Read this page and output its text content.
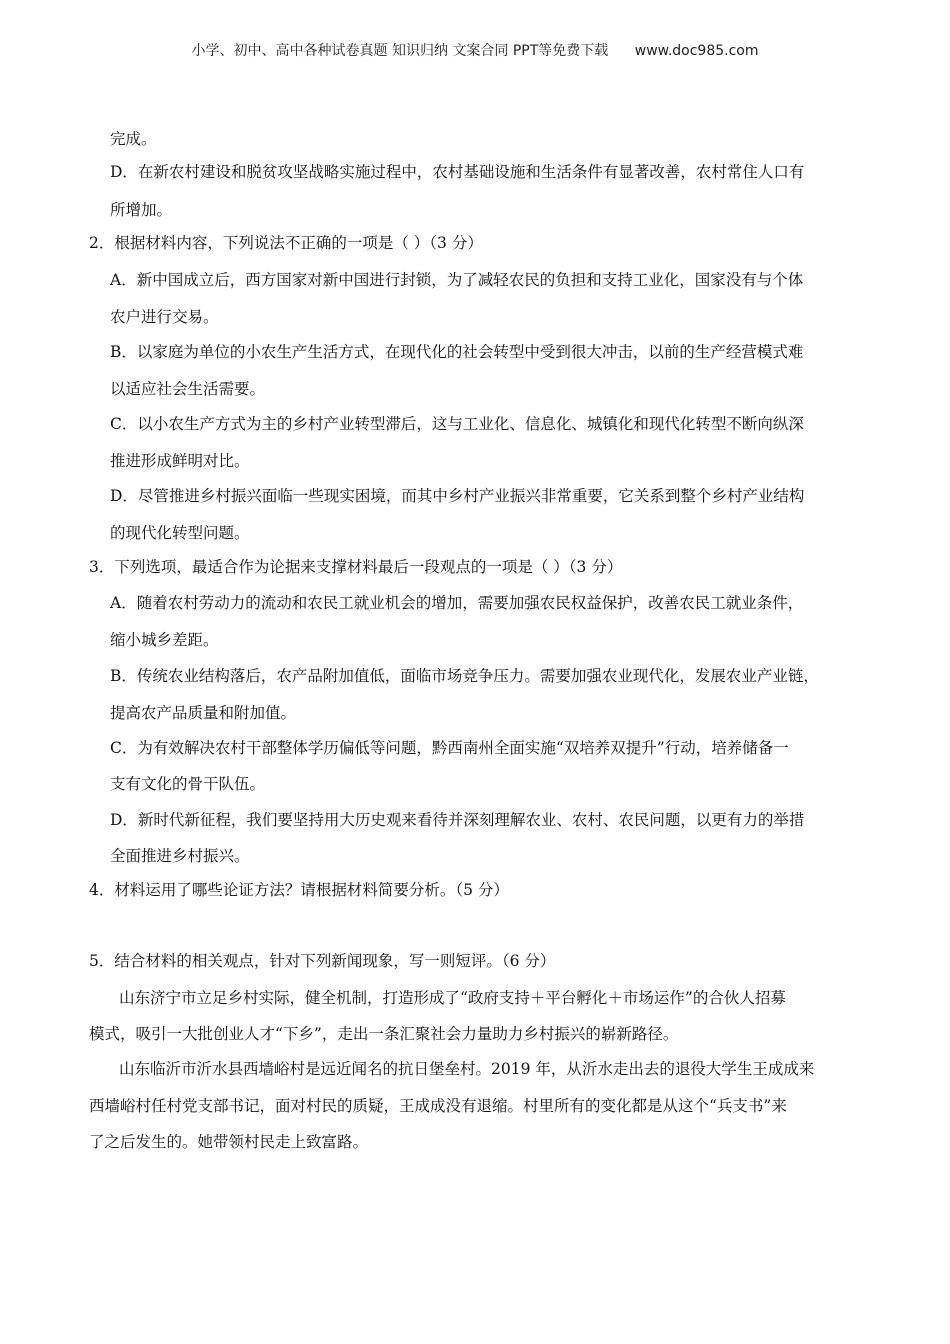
小学、初中、高中各种试卷真题 知识归纳 文案合同 PPT等免费下载 www.doc985.com
完成。
D．在新农村建设和脱贫攻坚战略实施过程中，农村基础设施和生活条件有显著改善，农村常住人口有
所增加。
2．根据材料内容，下列说法不正确的一项是（ ）（3 分）
A．新中国成立后，西方国家对新中国进行封锁，为了减轻农民的负担和支持工业化，国家没有与个体
农户进行交易。
B．以家庭为单位的小农生产生活方式，在现代化的社会转型中受到很大冲击，以前的生产经营模式难
以适应社会生活需要。
C．以小农生产方式为主的乡村产业转型滞后，这与工业化、信息化、城镇化和现代化转型不断向纵深
推进形成鲜明对比。
D．尽管推进乡村振兴面临一些现实困境，而其中乡村产业振兴非常重要，它关系到整个乡村产业结构
的现代化转型问题。
3．下列选项，最适合作为论据来支撑材料最后一段观点的一项是（ ）（3 分）
A．随着农村劳动力的流动和农民工就业机会的增加，需要加强农民权益保护，改善农民工就业条件，
缩小城乡差距。
B．传统农业结构落后，农产品附加值低，面临市场竞争压力。需要加强农业现代化，发展农业产业链，
提高农产品质量和附加值。
C．为有效解决农村干部整体学历偏低等问题，黔西南州全面实施“双培养双提升”行动，培养储备一
支有文化的骨干队伍。
D．新时代新征程，我们要坚持用大历史观来看待并深刻理解农业、农村、农民问题，以更有力的举措
全面推进乡村振兴。
4．材料运用了哪些论证方法？请根据材料简要分析。（5 分）
5．结合材料的相关观点，针对下列新闻现象，写一则短评。（6 分）
山东济宁市立足乡村实际，健全机制，打造形成了“政府支持＋平台孵化＋市场运作”的合伙人招募
模式，吸引一大批创业人才“下乡”，走出一条汇聚社会力量助力乡村振兴的崭新路径。
山东临沂市沂水县西墙峪村是远近闻名的抗日堡垒村。2019 年，从沂水走出去的退役大学生王成成来
西墙峪村任村党支部书记，面对村民的质疑，王成成没有退缩。村里所有的变化都是从这个“兵支书”来
了之后发生的。她带领村民走上致富路。
